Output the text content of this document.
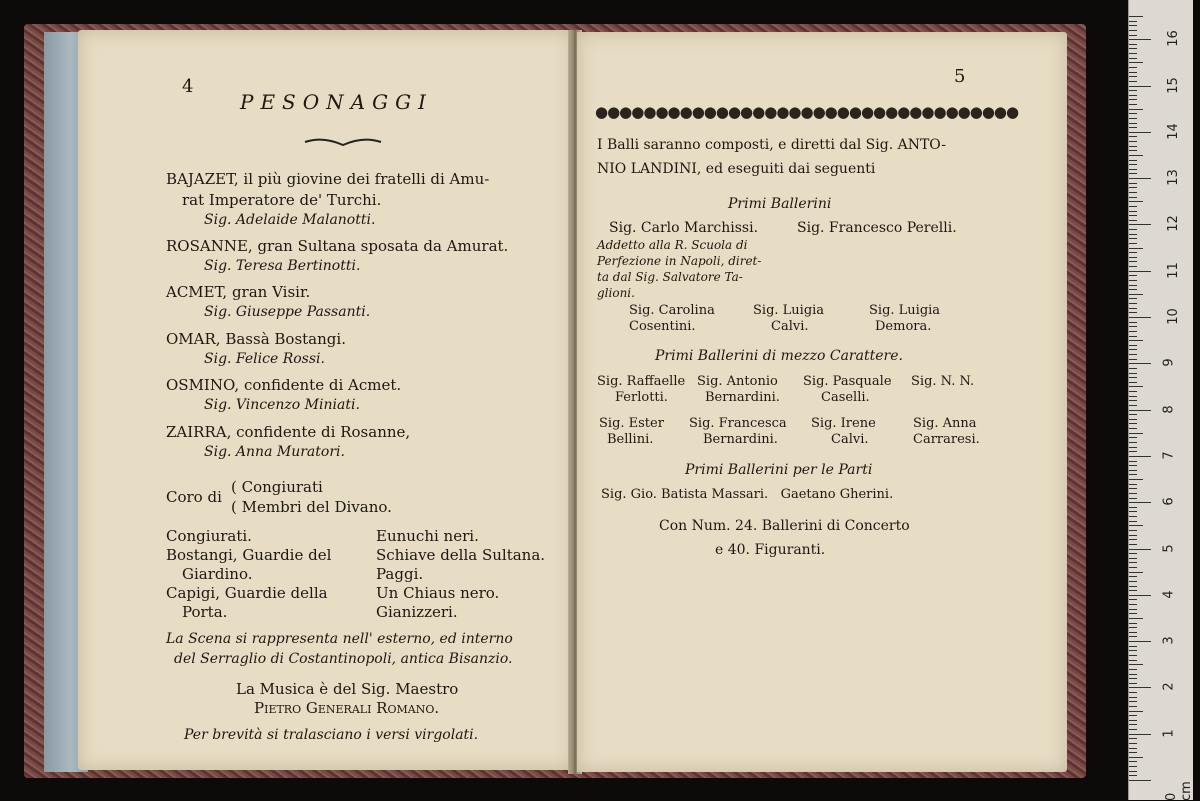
4
PESONAGGI
BAJAZET, il più giovine dei fratelli di Amu-
rat Imperatore de' Turchi.
Sig. Adelaide Malanotti.
ROSANNE, gran Sultana sposata da Amurat.
Sig. Teresa Bertinotti.
ACMET, gran Visir.
Sig. Giuseppe Passanti.
OMAR, Bassà Bostangi.
Sig. Felice Rossi.
OSMINO, confidente di Acmet.
Sig. Vincenzo Miniati.
ZAIRRA, confidente di Rosanne,
Sig. Anna Muratori.
Coro di
( Congiurati
( Membri del Divano.
Congiurati.
Bostangi, Guardie del
Giardino.
Capigi, Guardie della
Porta.
Eunuchi neri.
Schiave della Sultana.
Paggi.
Un Chiaus nero.
Gianizzeri.
La Scena si rappresenta nell' esterno, ed interno
del Serraglio di Costantinopoli, antica Bisanzio.
La Musica è del Sig. Maestro
Pietro Generali Romano.
Per brevità si tralasciano i versi virgolati.
5
●●●●●●●●●●●●●●●●●●●●●●●●●●●●●●●●●●●
I Balli saranno composti, e diretti dal Sig. ANTO-
NIO LANDINI, ed eseguiti dai seguenti
Primi Ballerini
Sig. Carlo Marchissi.	Sig. Francesco Perelli.
Addetto alla R. Scuola di
Perfezione in Napoli, diret-
ta dal Sig. Salvatore Ta-
glioni.
Sig. Carolina
Cosentini.
Sig. Luigia
Calvi.
Sig. Luigia
Demora.
Primi Ballerini di mezzo Carattere.
Sig. Raffaelle
Ferlotti.
Sig. Antonio
Bernardini.
Sig. Pasquale
Caselli.
Sig. N. N.
Sig. Ester
Bellini.
Sig. Francesca
Bernardini.
Sig. Irene
Calvi.
Sig. Anna
Carraresi.
Primi Ballerini per le Parti
Sig. Gio. Batista Massari.   Gaetano Gherini.
Con Num. 24. Ballerini di Concerto
e 40. Figuranti.
0 cm
1
2
3
4
5
6
7
8
9
10
11
12
13
14
15
16
